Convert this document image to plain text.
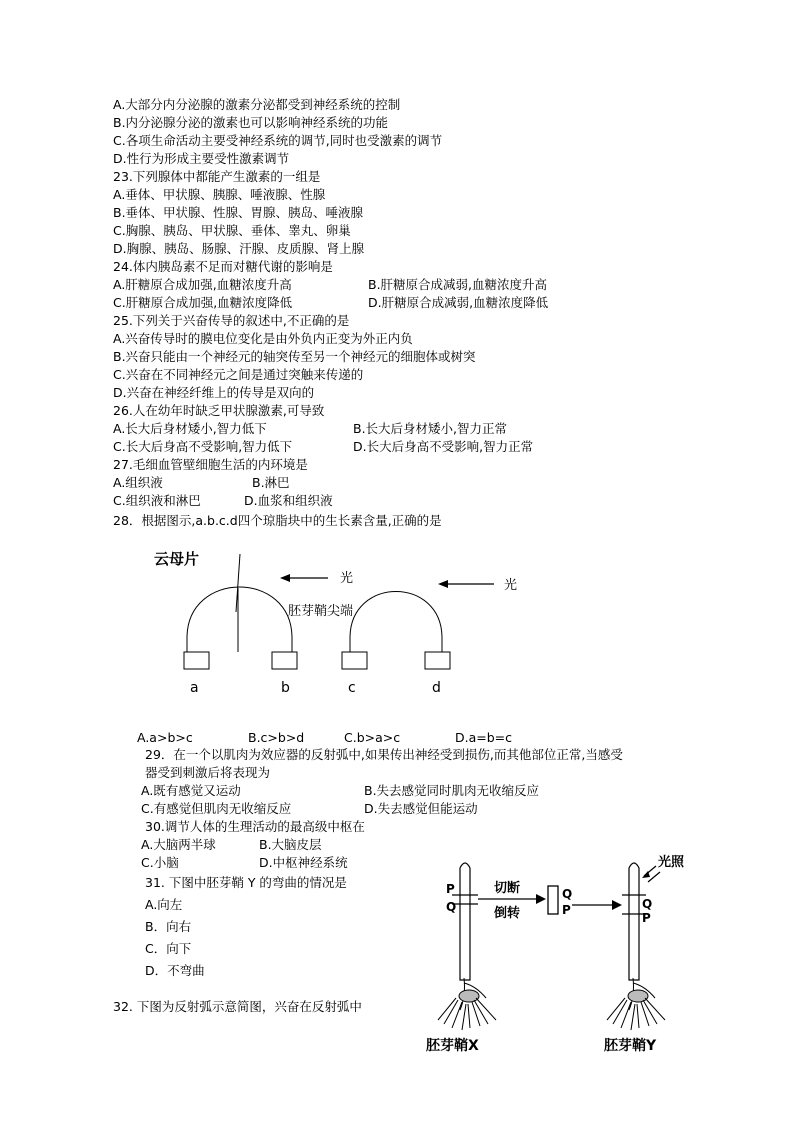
A.大部分内分泌腺的激素分泌都受到神经系统的控制
B.内分泌腺分泌的激素也可以影响神经系统的功能
C.各项生命活动主要受神经系统的调节,同时也受激素的调节
D.性行为形成主要受性激素调节
23.下列腺体中都能产生激素的一组是
A.垂体、甲状腺、胰腺、唾液腺、性腺
B.垂体、甲状腺、性腺、胃腺、胰岛、唾液腺
C.胸腺、胰岛、甲状腺、垂体、睾丸、卵巢
D.胸腺、胰岛、肠腺、汗腺、皮质腺、肾上腺
24.体内胰岛素不足而对糖代谢的影响是
A.肝糖原合成加强,血糖浓度升高	B.肝糖原合成减弱,血糖浓度升高
C.肝糖原合成加强,血糖浓度降低	D.肝糖原合成减弱,血糖浓度降低
25.下列关于兴奋传导的叙述中,不正确的是
A.兴奋传导时的膜电位变化是由外负内正变为外正内负
B.兴奋只能由一个神经元的轴突传至另一个神经元的细胞体或树突
C.兴奋在不同神经元之间是通过突触来传递的
D.兴奋在神经纤维上的传导是双向的
26.人在幼年时缺乏甲状腺激素,可导致
A.长大后身材矮小,智力低下	B.长大后身材矮小,智力正常
C.长大后身高不受影响,智力低下	D.长大后身高不受影响,智力正常
27.毛细血管壁细胞生活的内环境是
A.组织液	B.淋巴
C.组织液和淋巴	D.血浆和组织液
28．根据图示,a.b.c.d四个琼脂块中的生长素含量,正确的是
云母片
光	光
胚芽鞘尖端
a	b	c	d
A.a>b>c	B.c>b>d	C.b>a>c	D.a=b=c
29．在一个以肌肉为效应器的反射弧中,如果传出神经受到损伤,而其他部位正常,当感受
器受到刺激后将表现为
A.既有感觉又运动	B.失去感觉同时肌肉无收缩反应
C.有感觉但肌肉无收缩反应	D.失去感觉但能运动
30.调节人体的生理活动的最高级中枢在
A.大脑两半球	B.大脑皮层
C.小脑	D.中枢神经系统
31. 下图中胚芽鞘 Y 的弯曲的情况是
A.向左
B．向右
C．向下
D．不弯曲
P
Q
切断
倒转
Q
P	Q
P
光照
胚芽鞘X	胚芽鞘Y
32. 下图为反射弧示意简图，兴奋在反射弧中
